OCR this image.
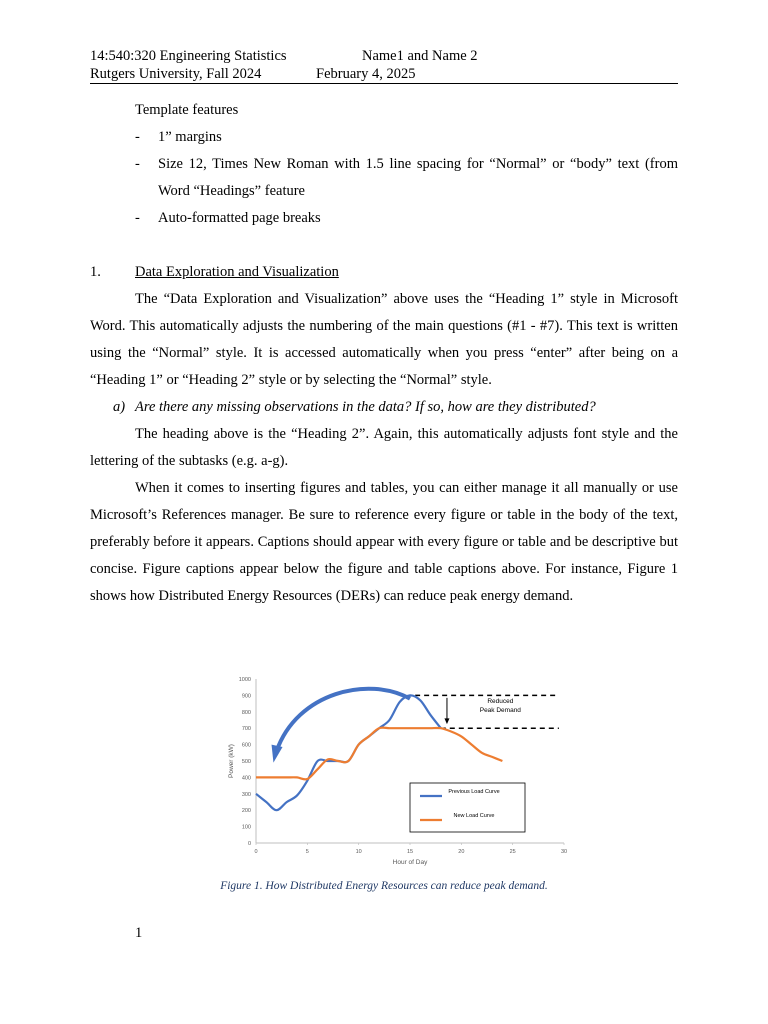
14:540:320 Engineering Statistics	Name1 and Name 2
Rutgers University, Fall 2024	February 4, 2025

Template features

- 1” margins

- Size 12, Times New Roman with 1.5 line spacing for “Normal” or “body” text (from Word “Headings” feature

- Auto-formatted page breaks

1. Data Exploration and Visualization

The “Data Exploration and Visualization” above uses the “Heading 1” style in Microsoft Word. This automatically adjusts the numbering of the main questions (#1 - #7). This text is written using the “Normal” style. It is accessed automatically when you press “enter” after being on a “Heading 1” or “Heading 2” style or by selecting the “Normal” style.

a) Are there any missing observations in the data? If so, how are they distributed?

The heading above is the “Heading 2”. Again, this automatically adjusts font style and the lettering of the subtasks (e.g. a-g).

When it comes to inserting figures and tables, you can either manage it all manually or use Microsoft’s References manager. Be sure to reference every figure or table in the body of the text, preferably before it appears. Captions should appear with every figure or table and be descriptive but concise. Figure captions appear below the figure and table captions above. For instance, Figure 1 shows how Distributed Energy Resources (DERs) can reduce peak energy demand.

0
100
200
300
400
500
600
700
800
900
1000
0	5	10	15	20	25	30
Hour of Day
Power (kW)
Reduced
Peak Demand
Previous Load Curve
New Load Curve
Figure 1. How Distributed Energy Resources can reduce peak demand.
1
